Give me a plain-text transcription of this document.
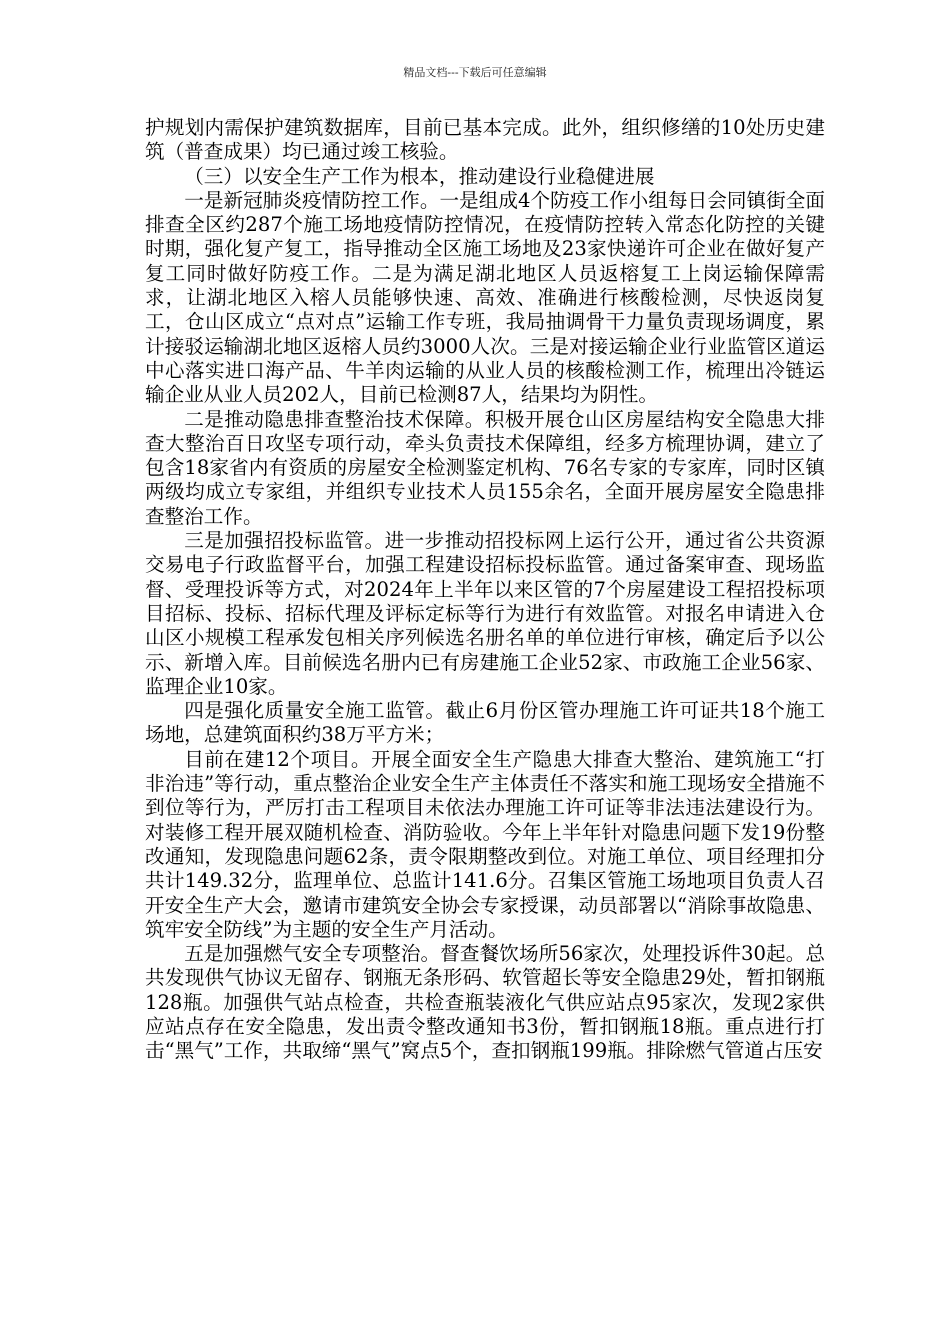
精品文档---下载后可任意编辑

护规划内需保护建筑数据库，目前已基本完成。此外，组织修缮的10处历史建筑（普查成果）均已通过竣工核验。

（三）以安全生产工作为根本，推动建设行业稳健进展

一是新冠肺炎疫情防控工作。一是组成4个防疫工作小组每日会同镇街全面排查全区约287个施工场地疫情防控情况，在疫情防控转入常态化防控的关键时期，强化复产复工，指导推动全区施工场地及23家快递许可企业在做好复产复工同时做好防疫工作。二是为满足湖北地区人员返榕复工上岗运输保障需求，让湖北地区入榕人员能够快速、高效、准确进行核酸检测，尽快返岗复工，仓山区成立“点对点”运输工作专班，我局抽调骨干力量负责现场调度，累计接驳运输湖北地区返榕人员约3000人次。三是对接运输企业行业监管区道运中心落实进口海产品、牛羊肉运输的从业人员的核酸检测工作，梳理出冷链运输企业从业人员202人，目前已检测87人，结果均为阴性。

二是推动隐患排查整治技术保障。积极开展仓山区房屋结构安全隐患大排查大整治百日攻坚专项行动，牵头负责技术保障组，经多方梳理协调，建立了包含18家省内有资质的房屋安全检测鉴定机构、76名专家的专家库，同时区镇两级均成立专家组，并组织专业技术人员155余名，全面开展房屋安全隐患排查整治工作。

三是加强招投标监管。进一步推动招投标网上运行公开，通过省公共资源交易电子行政监督平台，加强工程建设招标投标监管。通过备案审查、现场监督、受理投诉等方式，对2024年上半年以来区管的7个房屋建设工程招投标项目招标、投标、招标代理及评标定标等行为进行有效监管。对报名申请进入仓山区小规模工程承发包相关序列候选名册名单的单位进行审核，确定后予以公示、新增入库。目前候选名册内已有房建施工企业52家、市政施工企业56家、监理企业10家。

四是强化质量安全施工监管。截止6月份区管办理施工许可证共18个施工场地，总建筑面积约38万平方米；

目前在建12个项目。开展全面安全生产隐患大排查大整治、建筑施工“打非治违”等行动，重点整治企业安全生产主体责任不落实和施工现场安全措施不到位等行为，严厉打击工程项目未依法办理施工许可证等非法违法建设行为。对装修工程开展双随机检查、消防验收。今年上半年针对隐患问题下发19份整改通知，发现隐患问题62条，责令限期整改到位。对施工单位、项目经理扣分共计149.32分，监理单位、总监计141.6分。召集区管施工场地项目负责人召开安全生产大会，邀请市建筑安全协会专家授课，动员部署以“消除事故隐患、筑牢安全防线”为主题的安全生产月活动。

五是加强燃气安全专项整治。督查餐饮场所56家次，处理投诉件30起。总共发现供气协议无留存、钢瓶无条形码、软管超长等安全隐患29处，暂扣钢瓶128瓶。加强供气站点检查，共检查瓶装液化气供应站点95家次，发现2家供应站点存在安全隐患，发出责令整改通知书3份，暂扣钢瓶18瓶。重点进行打击“黑气”工作，共取缔“黑气”窝点5个，查扣钢瓶199瓶。排除燃气管道占压安
